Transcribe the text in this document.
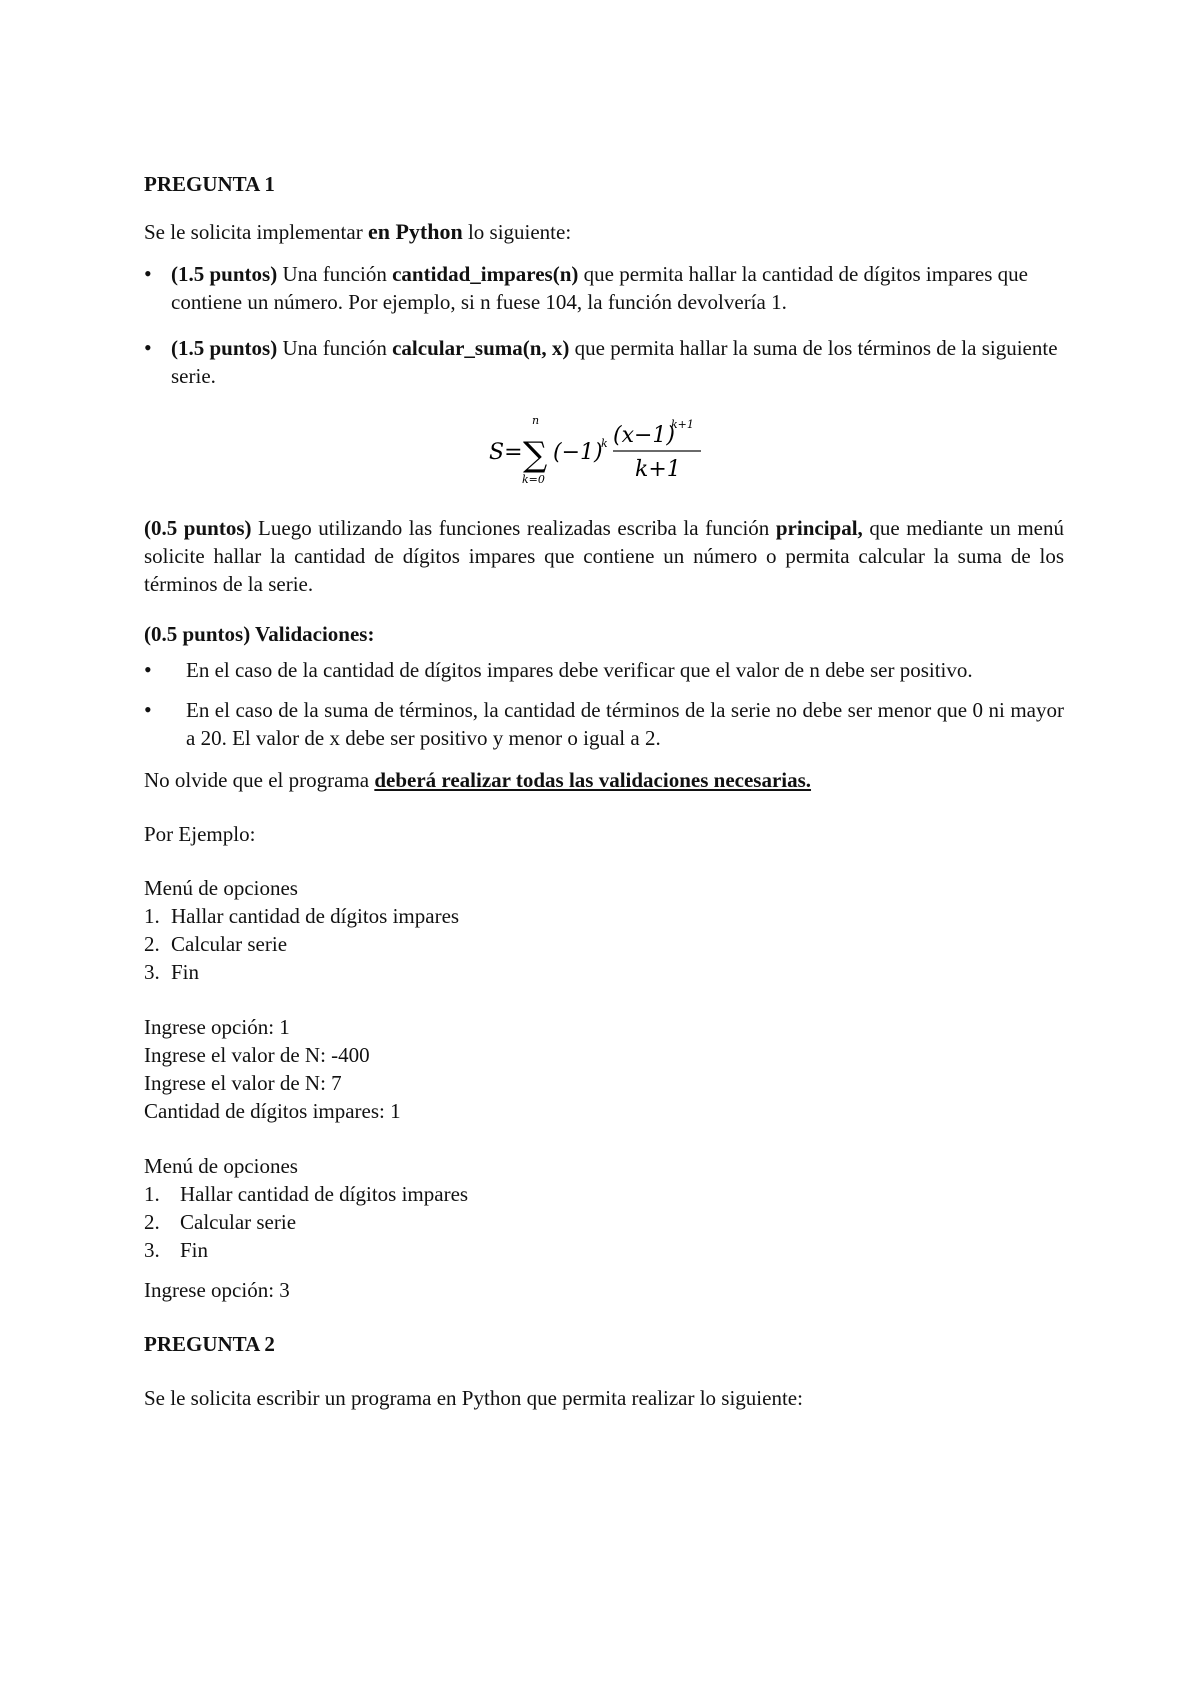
PREGUNTA 1
Se le solicita implementar en Python lo siguiente:
• (1.5 puntos) Una función cantidad_impares(n) que permita hallar la cantidad de dígitos impares que contiene un número. Por ejemplo, si n fuese 104, la función devolvería 1.
• (1.5 puntos) Una función calcular_suma(n, x) que permita hallar la suma de los términos de la siguiente serie.
S= ∑
n
k=0
(−1)
k (x−1)
k+1
k+1
(0.5 puntos) Luego utilizando las funciones realizadas escriba la función principal, que mediante un menú solicite hallar la cantidad de dígitos impares que contiene un número o permita calcular la suma de los términos de la serie.
(0.5 puntos) Validaciones:
• En el caso de la cantidad de dígitos impares debe verificar que el valor de n debe ser positivo.
• En el caso de la suma de términos, la cantidad de términos de la serie no debe ser menor que 0 ni mayor a 20. El valor de x debe ser positivo y menor o igual a 2.
No olvide que el programa deberá realizar todas las validaciones necesarias.
Por Ejemplo:
Menú de opciones
1. Hallar cantidad de dígitos impares
2. Calcular serie
3. Fin
Ingrese opción: 1
Ingrese el valor de N: -400
Ingrese el valor de N: 7
Cantidad de dígitos impares: 1
Menú de opciones
1. Hallar cantidad de dígitos impares
2. Calcular serie
3. Fin
Ingrese opción: 3
PREGUNTA 2
Se le solicita escribir un programa en Python que permita realizar lo siguiente:
